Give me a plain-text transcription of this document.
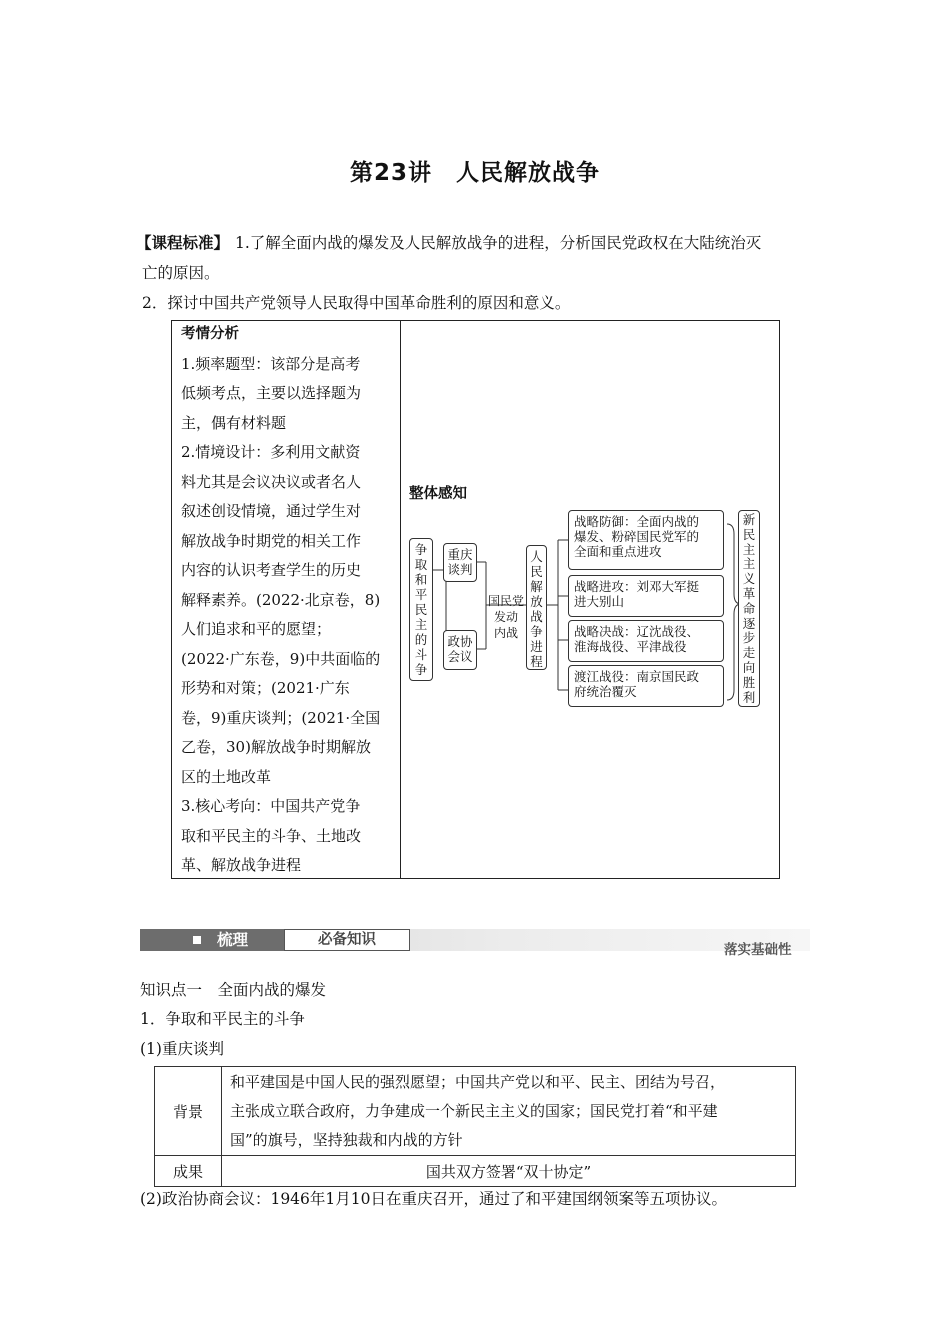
第23讲　人民解放战争
【课程标准】 1.了解全面内战的爆发及人民解放战争的进程，分析国民党政权在大陆统治灭
亡的原因。
2．探讨中国共产党领导人民取得中国革命胜利的原因和意义。
考情分析
1.频率题型：该部分是高考
低频考点，主要以选择题为
主，偶有材料题
2.情境设计：多利用文献资
料尤其是会议决议或者名人
叙述创设情境，通过学生对
解放战争时期党的相关工作
内容的认识考查学生的历史
解释素养。(2022·北京卷，8)
人们追求和平的愿望；
(2022·广东卷，9)中共面临的
形势和对策；(2021·广东
卷，9)重庆谈判；(2021·全国
乙卷，30)解放战争时期解放
区的土地改革
3.核心考向：中国共产党争
取和平民主的斗争、土地改
革、解放战争进程
整体感知
争
取
和
平
民
主
的
斗
争
重庆
谈判
政协
会议
国民党
发动
内战
人
民
解
放
战
争
进
程
战略防御：全面内战的
爆发、粉碎国民党军的
全面和重点进攻
战略进攻：刘邓大军挺
进大别山
战略决战：辽沈战役、
淮海战役、平津战役
渡江战役：南京国民政
府统治覆灭
新
民
主
主
义
革
命
逐
步
走
向
胜
利
梳理	必备知识
落实基础性
知识点一　全面内战的爆发
1．争取和平民主的斗争
(1)重庆谈判
背景	和平建国是中国人民的强烈愿望；中国共产党以和平、民主、团结为号召，
主张成立联合政府，力争建成一个新民主主义的国家；国民党打着“和平建
国”的旗号，坚持独裁和内战的方针

成果	国共双方签署“双十协定”
(2)政治协商会议：1946年1月10日在重庆召开，通过了和平建国纲领案等五项协议。
